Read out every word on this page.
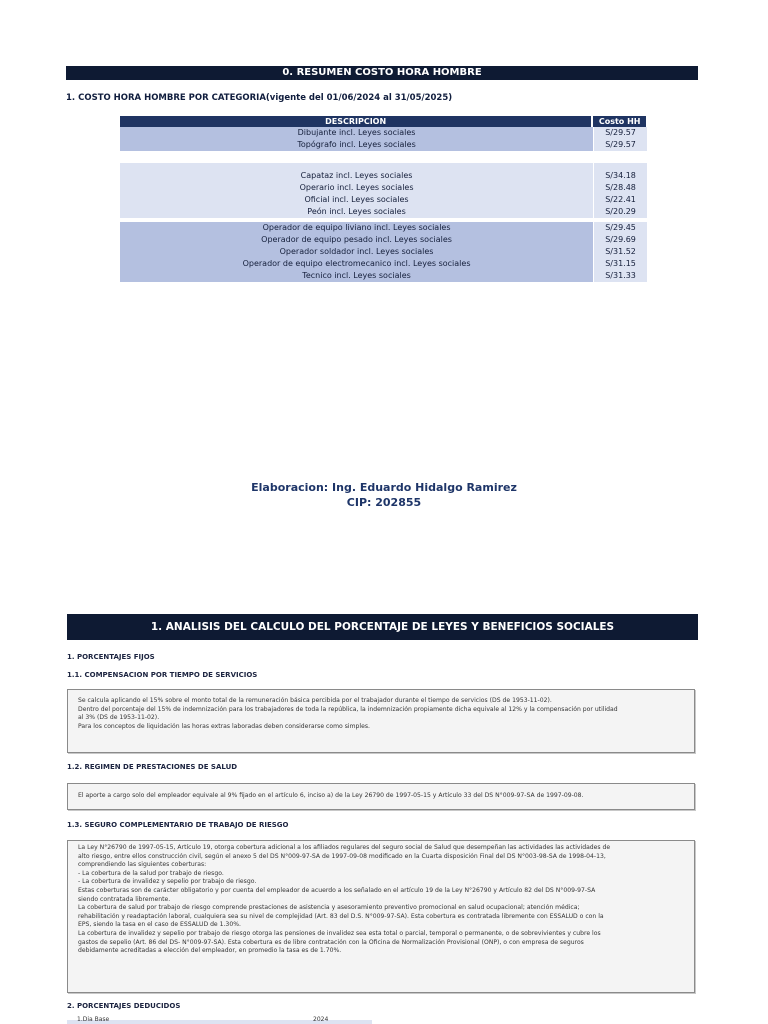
0. RESUMEN COSTO HORA HOMBRE
1. COSTO HORA HOMBRE POR CATEGORIA(vigente del 01/06/2024 al 31/05/2025)
DESCRIPCION	Costo HH
Dibujante incl. Leyes sociales	S/29.57
Topógrafo incl. Leyes sociales	S/29.57
Capataz incl. Leyes sociales	S/34.18
Operario incl. Leyes sociales	S/28.48
Oficial incl. Leyes sociales	S/22.41
Peón incl. Leyes sociales	S/20.29
Operador de equipo liviano incl. Leyes sociales	S/29.45
Operador de equipo pesado incl. Leyes sociales	S/29.69
Operador soldador incl. Leyes sociales	S/31.52
Operador de equipo electromecanico incl. Leyes sociales	S/31.15
Tecnico incl. Leyes sociales	S/31.33
Elaboracion: Ing. Eduardo Hidalgo Ramirez
CIP: 202855
1. ANALISIS DEL CALCULO DEL PORCENTAJE DE LEYES Y BENEFICIOS SOCIALES
1. PORCENTAJES FIJOS
1.1. COMPENSACION POR TIEMPO DE SERVICIOS
Se calcula aplicando el 15% sobre el monto total de la remuneración básica percibida por el trabajador durante el tiempo de servicios (DS de 1953-11-02).
Dentro del porcentaje del 15% de indemnización para los trabajadores de toda la república, la indemnización propiamente dicha equivale al 12% y la compensación por utilidad
al 3% (DS de 1953-11-02).
Para los conceptos de liquidación las horas extras laboradas deben considerarse como simples.
1.2. REGIMEN DE PRESTACIONES DE SALUD
El aporte a cargo solo del empleador equivale al 9% fijado en el artículo 6, inciso a) de la Ley 26790 de 1997-05-15 y Artículo 33 del DS N°009-97-SA de 1997-09-08.
1.3. SEGURO COMPLEMENTARIO DE TRABAJO DE RIESGO
La Ley N°26790 de 1997-05-15, Artículo 19, otorga cobertura adicional a los afiliados regulares del seguro social de Salud que desempeñan las actividades las actividades de
alto riesgo, entre ellos construcción civil, según el anexo 5 del DS N°009-97-SA de 1997-09-08 modificado en la Cuarta disposición Final del DS N°003-98-SA de 1998-04-13,
comprendiendo las siguientes coberturas:
- La cobertura de la salud por trabajo de riesgo.
- La cobertura de invalidez y sepelio por trabajo de riesgo.
Estas coberturas son de carácter obligatorio y por cuenta del empleador de acuerdo a los señalado en el artículo 19 de la Ley N°26790 y Artículo 82 del DS N°009-97-SA
siendo contratada libremente.
La cobertura de salud por trabajo de riesgo comprende prestaciones de asistencia y asesoramiento preventivo promocional en salud ocupacional; atención médica;
rehabilitación y readaptación laboral, cualquiera sea su nivel de complejidad (Art. 83 del D.S. N°009-97-SA). Esta cobertura es contratada libremente con ESSALUD o con la
EPS, siendo la tasa en el caso de ESSALUD de 1.30%.
La cobertura de invalidez y sepelio por trabajo de riesgo otorga las pensiones de invalidez sea esta total o parcial, temporal o permanente, o de sobrevivientes y cubre los
gastos de sepelio (Art. 86 del DS- N°009-97-SA). Esta cobertura es de libre contratación con la Oficina de Normalización Provisional (ONP), o con empresa de seguros
debidamente acreditadas a elección del empleador, en promedio la tasa es de 1.70%.
2. PORCENTAJES DEDUCIDOS
1.Dia Base	2024
